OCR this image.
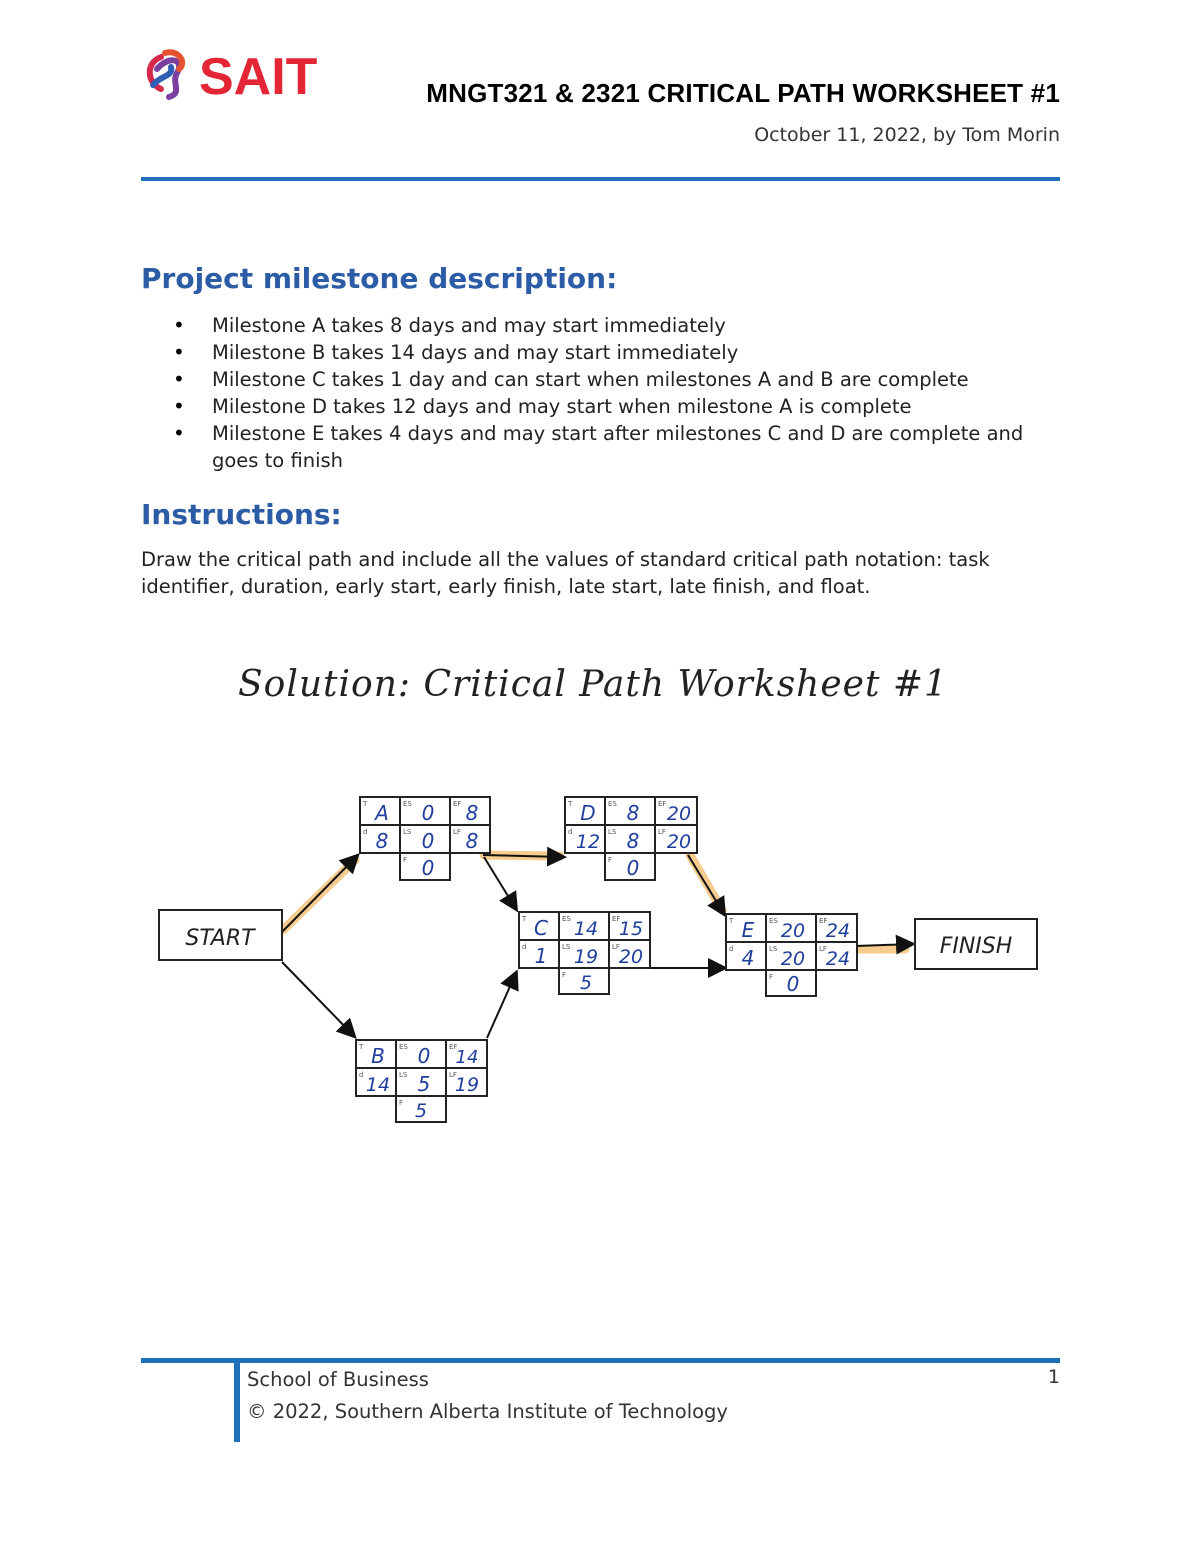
SAIT	MNGT321 & 2321 CRITICAL PATH WORKSHEET #1
October 11, 2022, by Tom Morin
Project milestone description:
• Milestone A takes 8 days and may start immediately
• Milestone B takes 14 days and may start immediately
• Milestone C takes 1 day and can start when milestones A and B are complete
• Milestone D takes 12 days and may start when milestone A is complete
• Milestone E takes 4 days and may start after milestones C and D are complete and goes to finish
Instructions:

Draw the critical path and include all the values of standard critical path notation: task identifier, duration, early start, early finish, late start, late finish, and float.

Solution: Critical Path Worksheet #1
START	FINISH
T	ES	EF
d	LS	LF
F
A 0 8
8 0 8
0
T	ES	EF
d	LS	LF
F
D 8 20
12 8 20
0
T	ES	EF
d	LS	LF
F
C 14 15
1 19 20
5
T	ES	EF
d	LS	LF
F
E 20 24
4 20 24
0
T	ES	EF
d	LS	LF
F
B 0 14
14 5 19
5
School of Business
© 2022, Southern Alberta Institute of Technology
1
